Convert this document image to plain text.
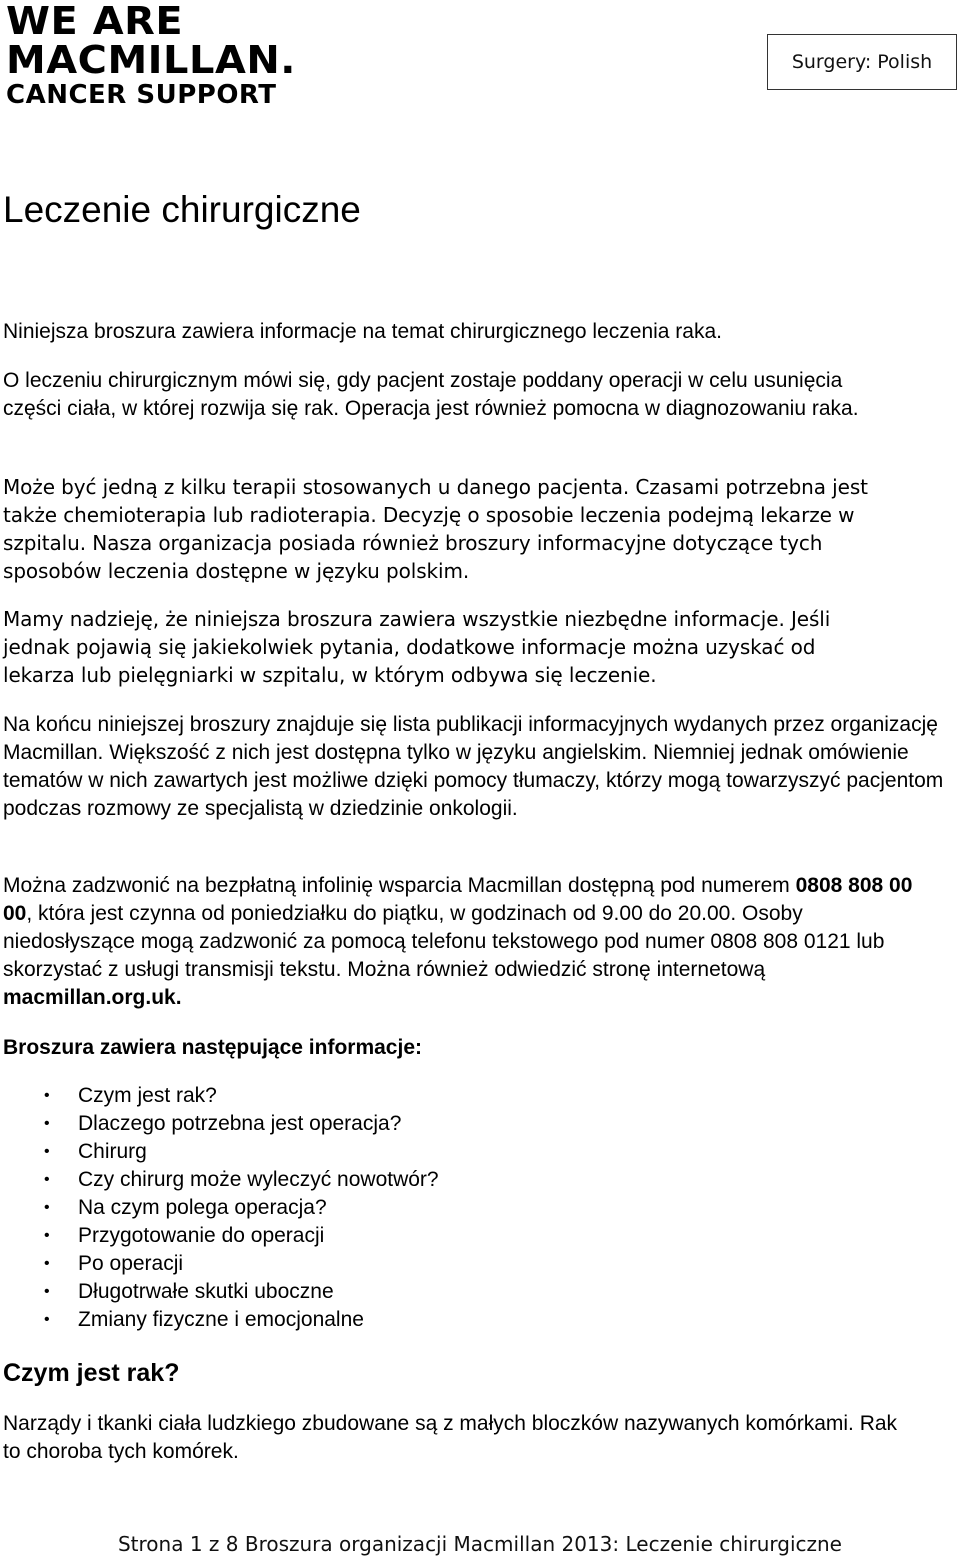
WE ARE
MACMILLAN.
CANCER SUPPORT
Surgery: Polish
Leczenie chirurgiczne

Niniejsza broszura zawiera informacje na temat chirurgicznego leczenia raka.

O leczeniu chirurgicznym mówi się, gdy pacjent zostaje poddany operacji w celu usunięcia części ciała, w której rozwija się rak. Operacja jest również pomocna w diagnozowaniu raka.

Może być jedną z kilku terapii stosowanych u danego pacjenta. Czasami potrzebna jest także chemioterapia lub radioterapia. Decyzję o sposobie leczenia podejmą lekarze w szpitalu. Nasza organizacja posiada również broszury informacyjne dotyczące tych sposobów leczenia dostępne w języku polskim.

Mamy nadzieję, że niniejsza broszura zawiera wszystkie niezbędne informacje. Jeśli jednak pojawią się jakiekolwiek pytania, dodatkowe informacje można uzyskać od lekarza lub pielęgniarki w szpitalu, w którym odbywa się leczenie.

Na końcu niniejszej broszury znajduje się lista publikacji informacyjnych wydanych przez organizację Macmillan. Większość z nich jest dostępna tylko w języku angielskim. Niemniej jednak omówienie tematów w nich zawartych jest możliwe dzięki pomocy tłumaczy, którzy mogą towarzyszyć pacjentom podczas rozmowy ze specjalistą w dziedzinie onkologii.

Można zadzwonić na bezpłatną infolinię wsparcia Macmillan dostępną pod numerem 0808 808 00 00, która jest czynna od poniedziałku do piątku, w godzinach od 9.00 do 20.00. Osoby niedosłyszące mogą zadzwonić za pomocą telefonu tekstowego pod numer 0808 808 0121 lub skorzystać z usługi transmisji tekstu. Można również odwiedzić stronę internetową macmillan.org.uk.

Broszura zawiera następujące informacje:
• Czym jest rak?
• Dlaczego potrzebna jest operacja?
• Chirurg
• Czy chirurg może wyleczyć nowotwór?
• Na czym polega operacja?
• Przygotowanie do operacji
• Po operacji
• Długotrwałe skutki uboczne
• Zmiany fizyczne i emocjonalne
Czym jest rak?

Narządy i tkanki ciała ludzkiego zbudowane są z małych bloczków nazywanych komórkami. Rak to choroba tych komórek.

Strona 1 z 8 Broszura organizacji Macmillan 2013: Leczenie chirurgiczne
